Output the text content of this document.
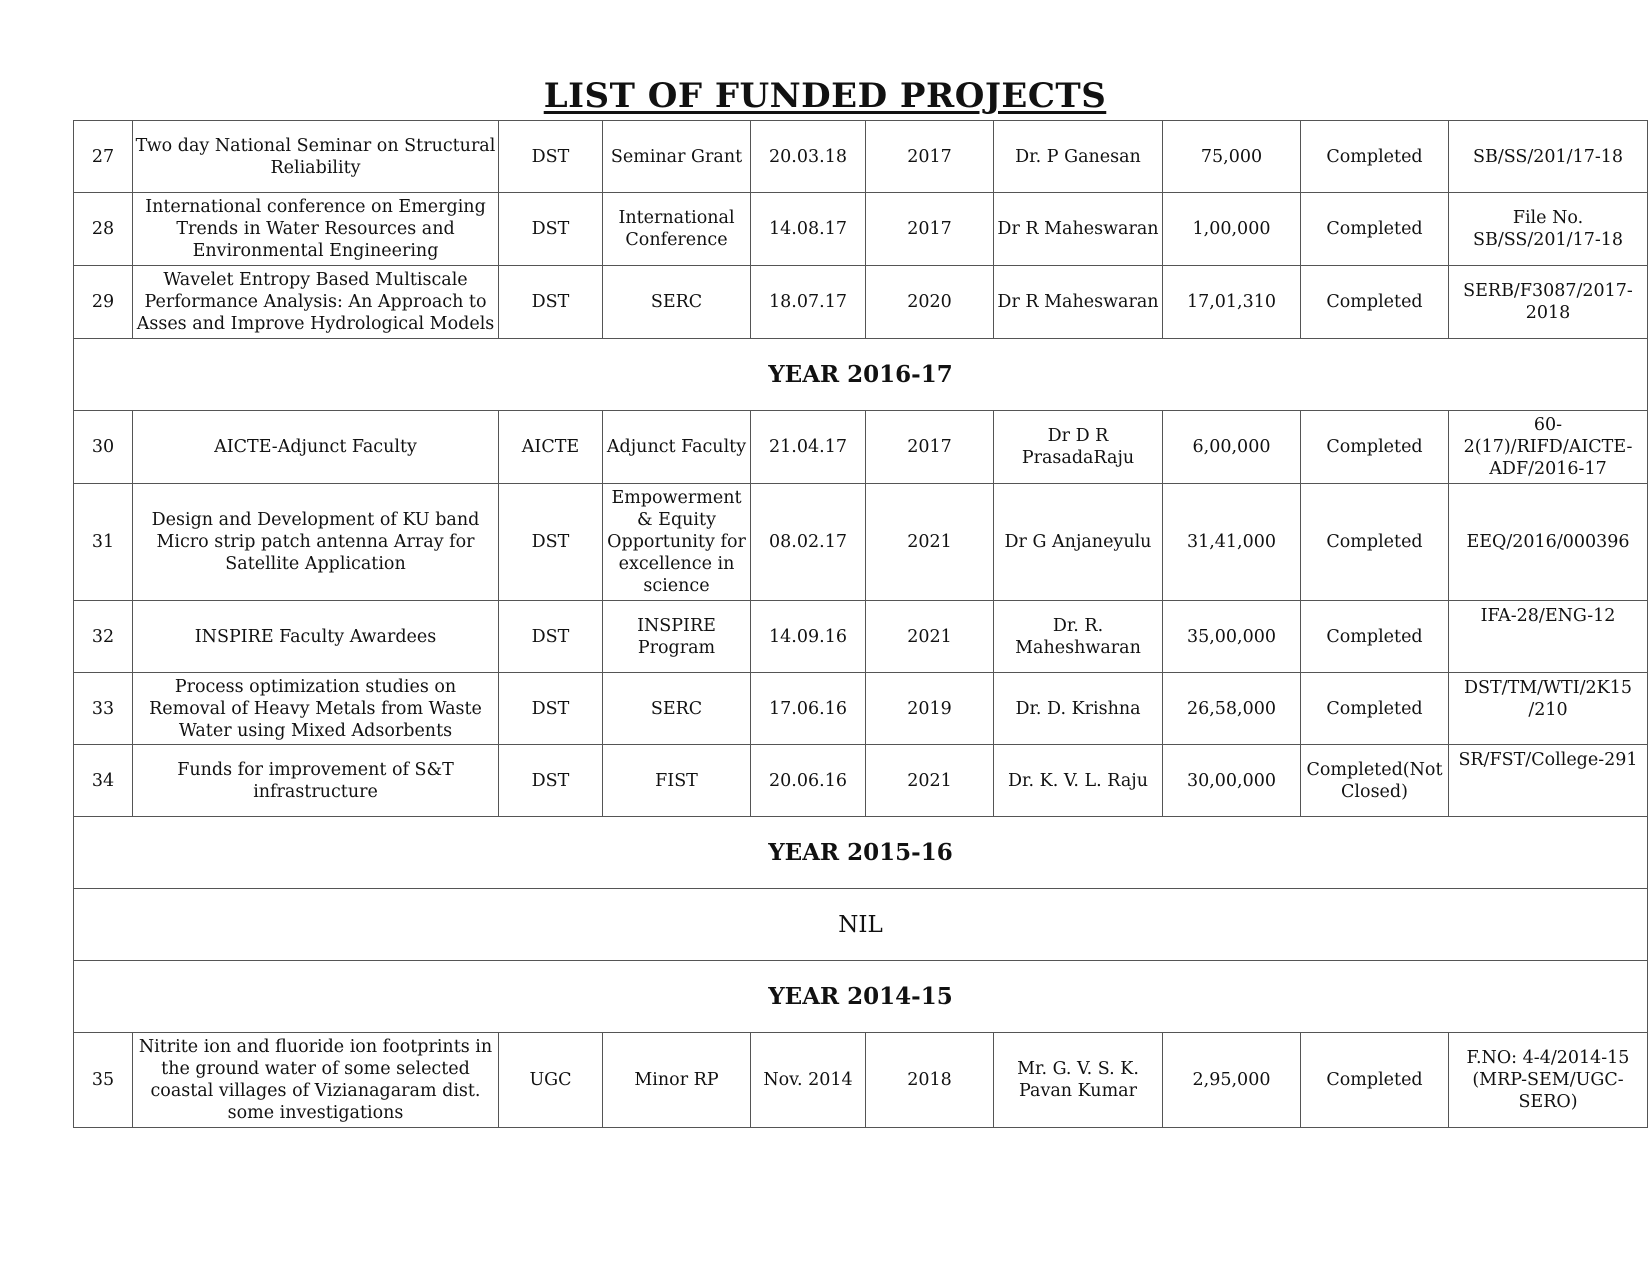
LIST OF FUNDED PROJECTS
27	Two day National Seminar on Structural Reliability	DST	Seminar Grant	20.03.18	2017	Dr. P Ganesan	75,000	Completed	SB/SS/201/17-18
28	International conference on Emerging Trends in Water Resources and Environmental Engineering	DST	International Conference	14.08.17	2017	Dr R Maheswaran	1,00,000	Completed	File No. SB/SS/201/17-18
29	Wavelet Entropy Based Multiscale Performance Analysis: An Approach to Asses and Improve Hydrological Models	DST	SERC	18.07.17	2020	Dr R Maheswaran	17,01,310	Completed	SERB/F3087/2017-2018
YEAR 2016-17									
30	AICTE-Adjunct Faculty	AICTE	Adjunct Faculty	21.04.17	2017	Dr D R PrasadaRaju	6,00,000	Completed	60-2(17)/RIFD/AICTE-ADF/2016-17
31	Design and Development of KU band Micro strip patch antenna Array for Satellite Application	DST	Empowerment & Equity Opportunity for excellence in science	08.02.17	2021	Dr G Anjaneyulu	31,41,000	Completed	EEQ/2016/000396
32	INSPIRE Faculty Awardees	DST	INSPIRE Program	14.09.16	2021	Dr. R. Maheshwaran	35,00,000	Completed	IFA-28/ENG-12
33	Process optimization studies on Removal of Heavy Metals from Waste Water using Mixed Adsorbents	DST	SERC	17.06.16	2019	Dr. D. Krishna	26,58,000	Completed	DST/TM/WTI/2K15 /210
34	Funds for improvement of S&T infrastructure	DST	FIST	20.06.16	2021	Dr. K. V. L. Raju	30,00,000	Completed(Not Closed)	SR/FST/College-291
YEAR 2015-16									
NIL									
YEAR 2014-15									
35	Nitrite ion and fluoride ion footprints in the ground water of some selected coastal villages of Vizianagaram dist. some investigations	UGC	Minor RP	Nov. 2014	2018	Mr. G. V. S. K. Pavan Kumar	2,95,000	Completed	F.NO: 4-4/2014-15 (MRP-SEM/UGC-SERO)
